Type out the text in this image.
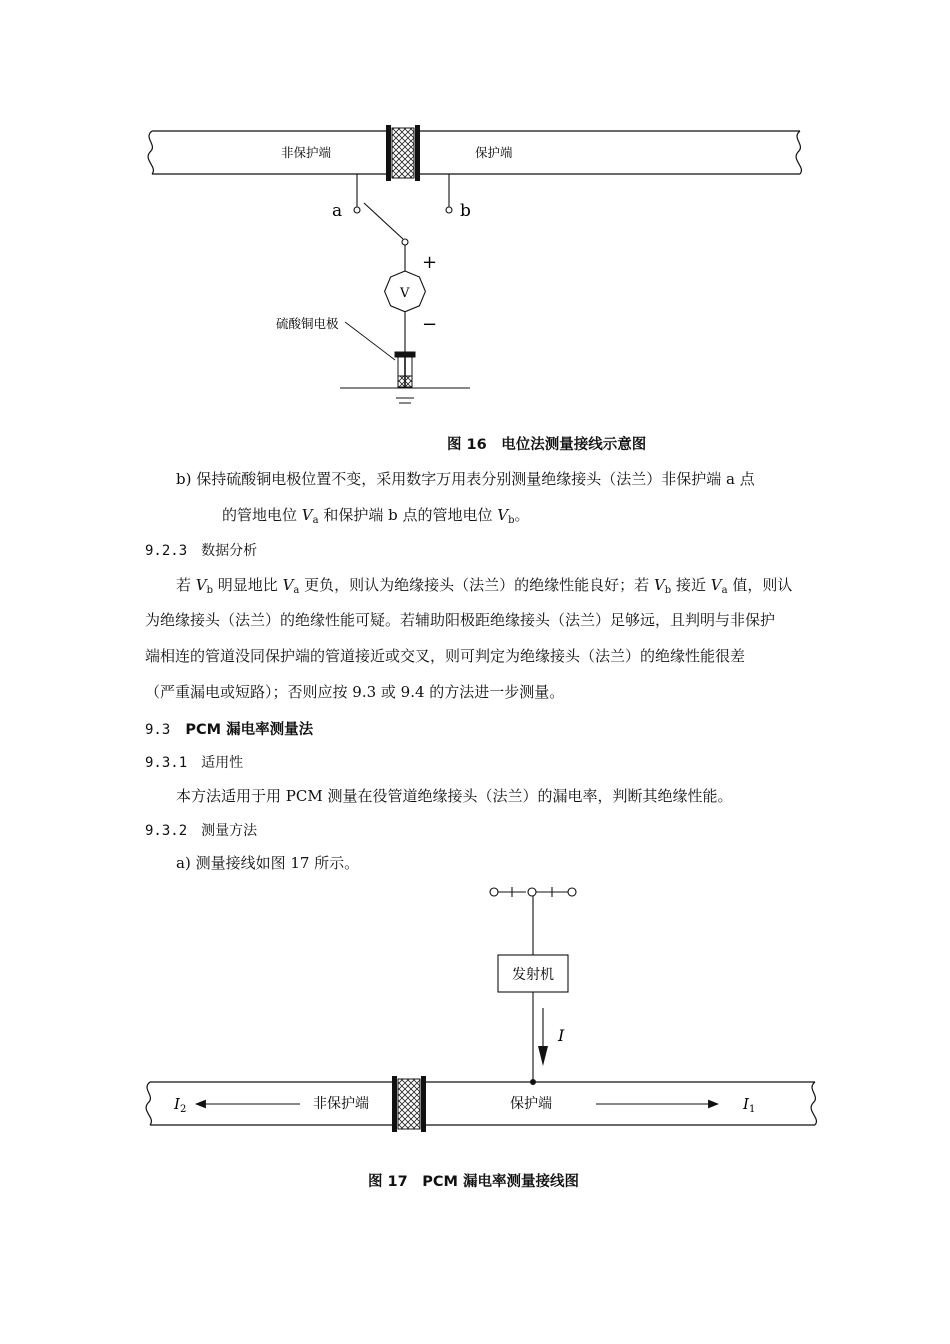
非保护端	保护端
a	b
+
−
V
硫酸铜电极
图 16　电位法测量接线示意图
b) 保持硫酸铜电极位置不变，采用数字万用表分别测量绝缘接头（法兰）非保护端 a 点
的管地电位 $V_a$ 和保护端 b 点的管地电位 $V_b$。
9.2.3　数据分析
若 $V_b$ 明显地比 $V_a$ 更负，则认为绝缘接头（法兰）的绝缘性能良好；若 $V_b$ 接近 $V_a$ 值，则认
为绝缘接头（法兰）的绝缘性能可疑。若辅助阳极距绝缘接头（法兰）足够远，且判明与非保护
端相连的管道没同保护端的管道接近或交叉，则可判定为绝缘接头（法兰）的绝缘性能很差
（严重漏电或短路）；否则应按 9.3 或 9.4 的方法进一步测量。
9.3 PCM 漏电率测量法
9.3.1　适用性
本方法适用于用 PCM 测量在役管道绝缘接头（法兰）的漏电率，判断其绝缘性能。
9.3.2　测量方法
a) 测量接线如图 17 所示。
发射机
I
非保护端	保护端
$I_2$	$I_1$
图 17　PCM 漏电率测量接线图
